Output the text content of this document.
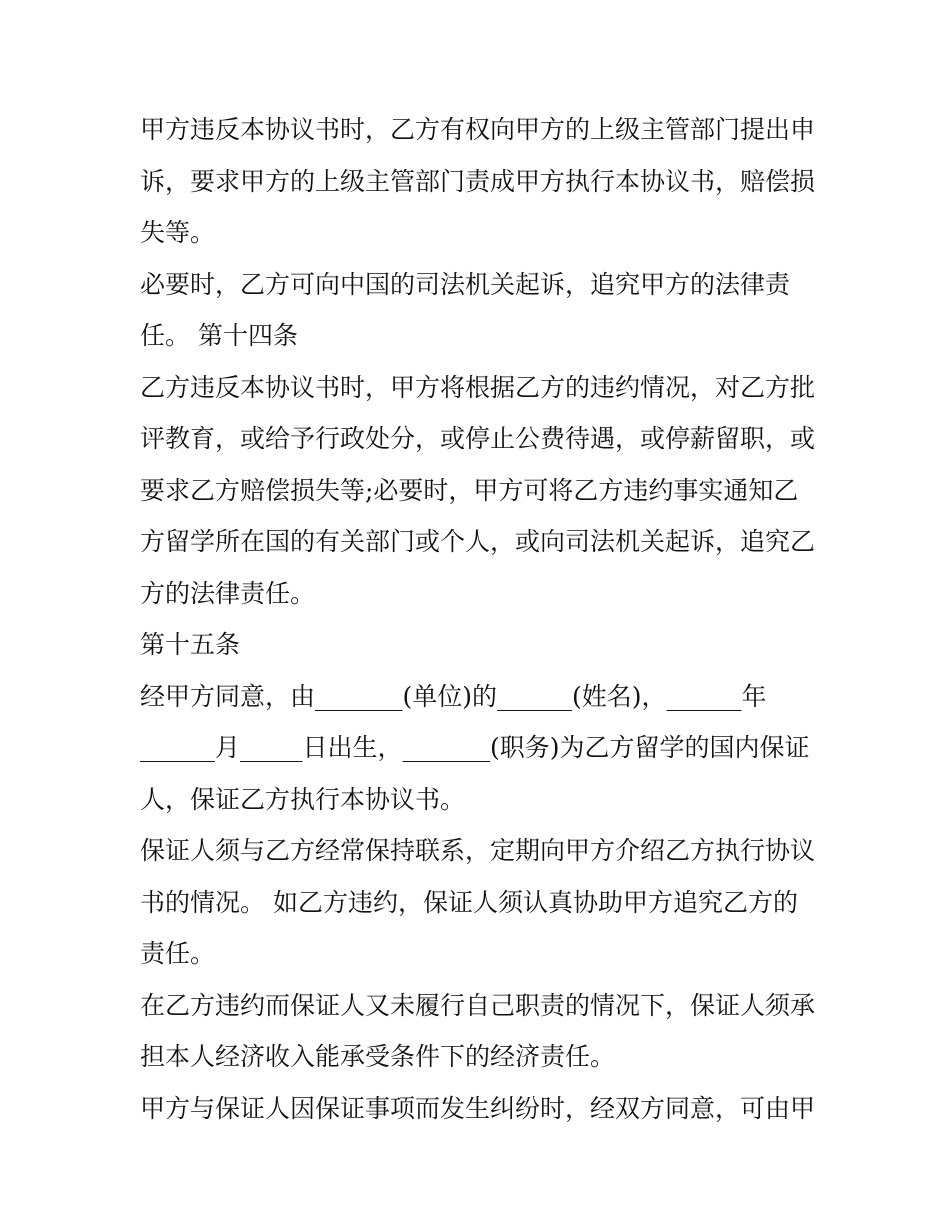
甲方违反本协议书时，乙方有权向甲方的上级主管部门提出申
诉，要求甲方的上级主管部门责成甲方执行本协议书，赔偿损
失等。
必要时，乙方可向中国的司法机关起诉，追究甲方的法律责
任。 第十四条
乙方违反本协议书时，甲方将根据乙方的违约情况，对乙方批
评教育，或给予行政处分，或停止公费待遇，或停薪留职，或
要求乙方赔偿损失等;必要时，甲方可将乙方违约事实通知乙
方留学所在国的有关部门或个人，或向司法机关起诉，追究乙
方的法律责任。
第十五条
经甲方同意，由_______(单位)的______(姓名)，______年
______月_____日出生，_______(职务)为乙方留学的国内保证
人，保证乙方执行本协议书。
保证人须与乙方经常保持联系，定期向甲方介绍乙方执行协议
书的情况。 如乙方违约，保证人须认真协助甲方追究乙方的
责任。
在乙方违约而保证人又未履行自己职责的情况下，保证人须承
担本人经济收入能承受条件下的经济责任。
甲方与保证人因保证事项而发生纠纷时，经双方同意，可由甲
